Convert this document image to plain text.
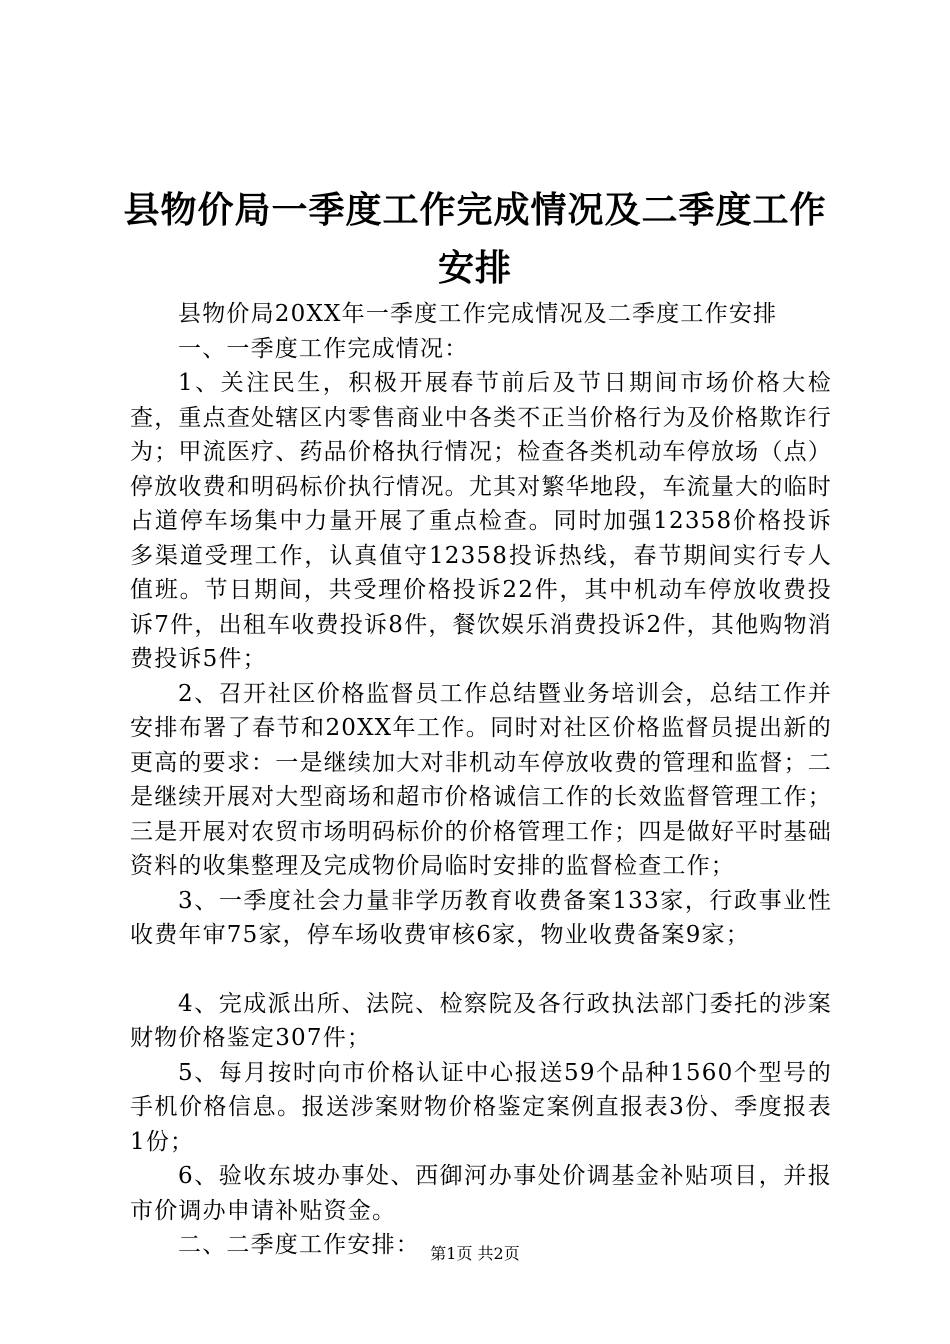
县物价局一季度工作完成情况及二季度工作安排

县物价局20XX年一季度工作完成情况及二季度工作安排

一、一季度工作完成情况：

1、关注民生，积极开展春节前后及节日期间市场价格大检查，重点查处辖区内零售商业中各类不正当价格行为及价格欺诈行为；甲流医疗、药品价格执行情况；检查各类机动车停放场（点）停放收费和明码标价执行情况。尤其对繁华地段，车流量大的临时占道停车场集中力量开展了重点检查。同时加强12358价格投诉多渠道受理工作，认真值守12358投诉热线，春节期间实行专人值班。节日期间，共受理价格投诉22件，其中机动车停放收费投诉7件，出租车收费投诉8件，餐饮娱乐消费投诉2件，其他购物消费投诉5件；

2、召开社区价格监督员工作总结暨业务培训会，总结工作并安排布署了春节和20XX年工作。同时对社区价格监督员提出新的更高的要求：一是继续加大对非机动车停放收费的管理和监督；二是继续开展对大型商场和超市价格诚信工作的长效监督管理工作；三是开展对农贸市场明码标价的价格管理工作；四是做好平时基础资料的收集整理及完成物价局临时安排的监督检查工作；

3、一季度社会力量非学历教育收费备案133家，行政事业性收费年审75家，停车场收费审核6家，物业收费备案9家；

4、完成派出所、法院、检察院及各行政执法部门委托的涉案财物价格鉴定307件；

5、每月按时向市价格认证中心报送59个品种1560个型号的手机价格信息。报送涉案财物价格鉴定案例直报表3份、季度报表1份；

6、验收东坡办事处、西御河办事处价调基金补贴项目，并报市价调办申请补贴资金。

二、二季度工作安排： 第1页 共2页
